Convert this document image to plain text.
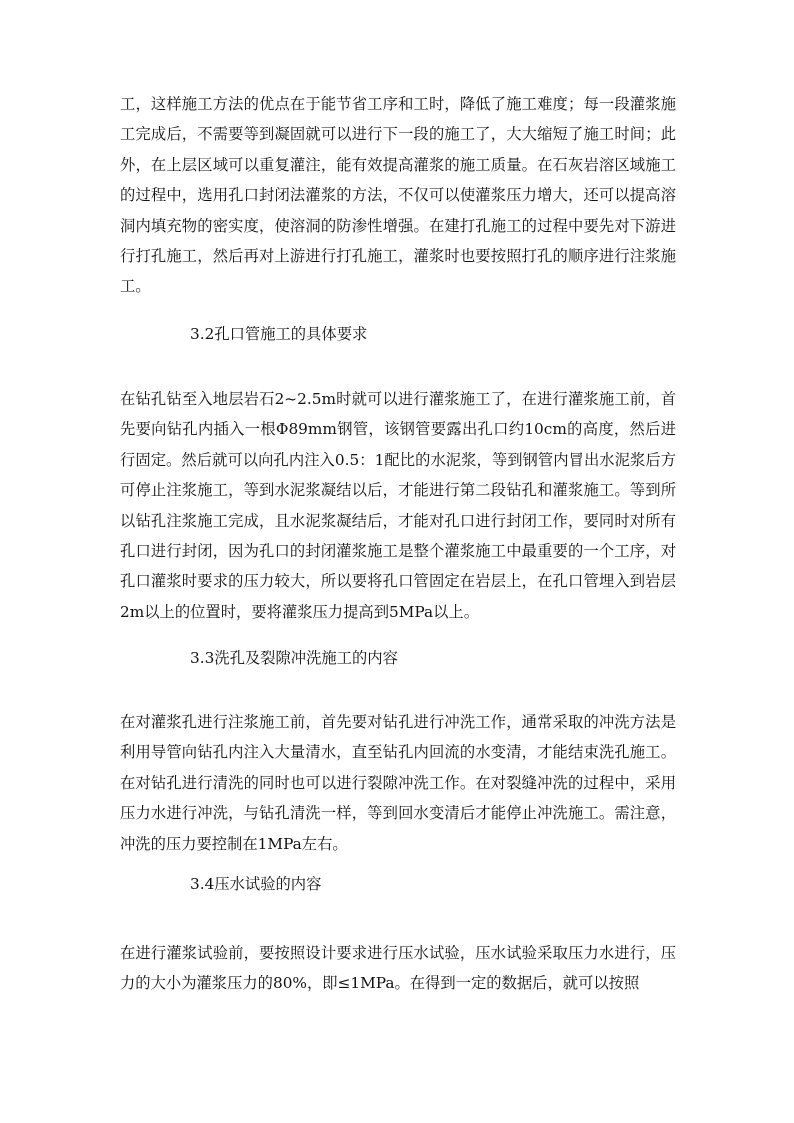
工，这样施工方法的优点在于能节省工序和工时，降低了施工难度；每一段灌浆施工完成后，不需要等到凝固就可以进行下一段的施工了，大大缩短了施工时间；此外，在上层区域可以重复灌注，能有效提高灌浆的施工质量。在石灰岩溶区域施工的过程中，选用孔口封闭法灌浆的方法，不仅可以使灌浆压力增大，还可以提高溶洞内填充物的密实度，使溶洞的防渗性增强。在建打孔施工的过程中要先对下游进行打孔施工，然后再对上游进行打孔施工，灌浆时也要按照打孔的顺序进行注浆施工。

3.2孔口管施工的具体要求

在钻孔钻至入地层岩石2~2.5m时就可以进行灌浆施工了，在进行灌浆施工前，首先要向钻孔内插入一根Φ89mm钢管，该钢管要露出孔口约10cm的高度，然后进行固定。然后就可以向孔内注入0.5：1配比的水泥浆，等到钢管内冒出水泥浆后方可停止注浆施工，等到水泥浆凝结以后，才能进行第二段钻孔和灌浆施工。等到所以钻孔注浆施工完成，且水泥浆凝结后，才能对孔口进行封闭工作，要同时对所有孔口进行封闭，因为孔口的封闭灌浆施工是整个灌浆施工中最重要的一个工序，对孔口灌浆时要求的压力较大，所以要将孔口管固定在岩层上，在孔口管埋入到岩层2m以上的位置时，要将灌浆压力提高到5MPa以上。

3.3洗孔及裂隙冲洗施工的内容

在对灌浆孔进行注浆施工前，首先要对钻孔进行冲洗工作，通常采取的冲洗方法是利用导管向钻孔内注入大量清水，直至钻孔内回流的水变清，才能结束洗孔施工。在对钻孔进行清洗的同时也可以进行裂隙冲洗工作。在对裂缝冲洗的过程中，采用压力水进行冲洗，与钻孔清洗一样，等到回水变清后才能停止冲洗施工。需注意，冲洗的压力要控制在1MPa左右。

3.4压水试验的内容

在进行灌浆试验前，要按照设计要求进行压水试验，压水试验采取压力水进行，压力的大小为灌浆压力的80%，即≤1MPa。在得到一定的数据后，就可以按照
